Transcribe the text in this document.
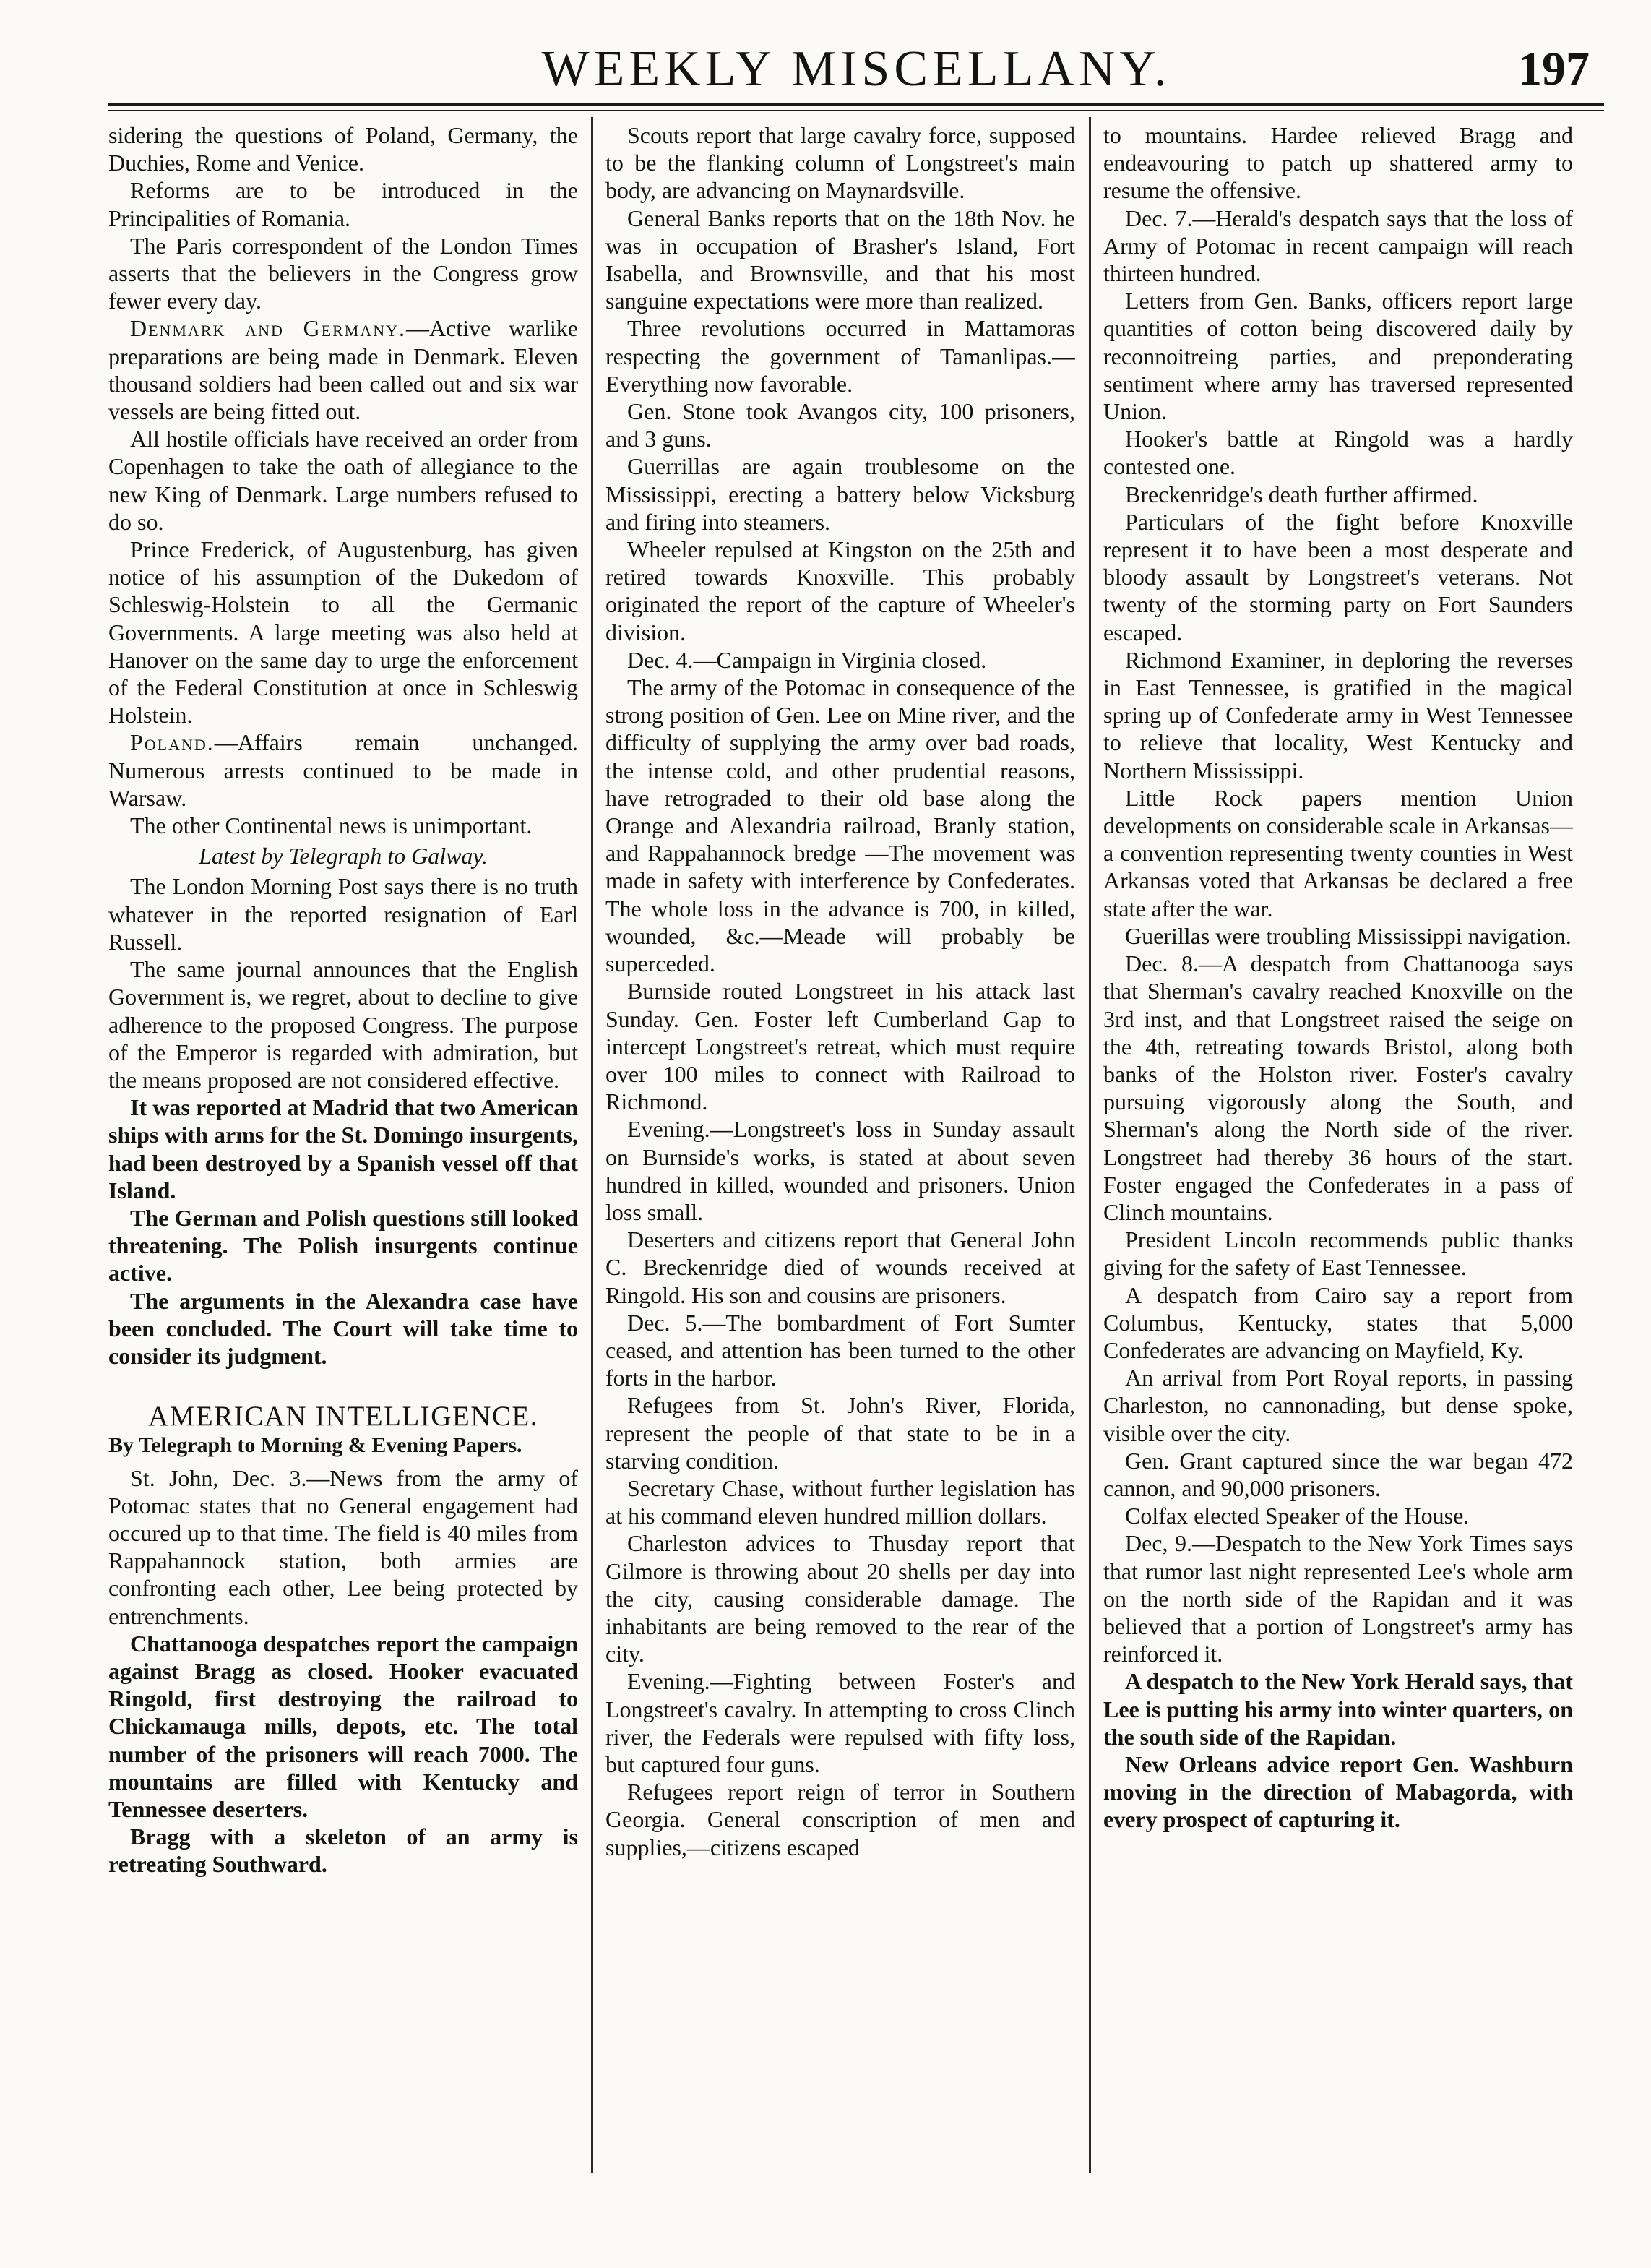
WEEKLY MISCELLANY.	197

sidering the questions of Poland, Germany, the Duchies, Rome and Venice.

Reforms are to be introduced in the Principalities of Romania.

The Paris correspondent of the London Times asserts that the believers in the Congress grow fewer every day.

Denmark and Germany.—Active warlike preparations are being made in Denmark. Eleven thousand soldiers had been called out and six war vessels are being fitted out.

All hostile officials have received an order from Copenhagen to take the oath of allegiance to the new King of Denmark. Large numbers refused to do so.

Prince Frederick, of Augustenburg, has given notice of his assumption of the Dukedom of Schleswig-Holstein to all the Germanic Governments. A large meeting was also held at Hanover on the same day to urge the enforcement of the Federal Constitution at once in Schleswig Holstein.

Poland.—Affairs remain unchanged. Numerous arrests continued to be made in Warsaw.

The other Continental news is unimportant.

Latest by Telegraph to Galway.

The London Morning Post says there is no truth whatever in the reported resignation of Earl Russell.

The same journal announces that the English Government is, we regret, about to decline to give adherence to the proposed Congress. The purpose of the Emperor is regarded with admiration, but the means proposed are not considered effective.

It was reported at Madrid that two American ships with arms for the St. Domingo insurgents, had been destroyed by a Spanish vessel off that Island.

The German and Polish questions still looked threatening. The Polish insurgents continue active.

The arguments in the Alexandra case have been concluded. The Court will take time to consider its judgment.

AMERICAN INTELLIGENCE.

By Telegraph to Morning & Evening Papers.

St. John, Dec. 3.—News from the army of Potomac states that no General engagement had occured up to that time. The field is 40 miles from Rappahannock station, both armies are confronting each other, Lee being protected by entrenchments.

Chattanooga despatches report the campaign against Bragg as closed. Hooker evacuated Ringold, first destroying the railroad to Chickamauga mills, depots, etc. The total number of the prisoners will reach 7000. The mountains are filled with Kentucky and Tennessee deserters.

Bragg with a skeleton of an army is retreating Southward.

Scouts report that large cavalry force, supposed to be the flanking column of Longstreet's main body, are advancing on Maynardsville.

General Banks reports that on the 18th Nov. he was in occupation of Brasher's Island, Fort Isabella, and Brownsville, and that his most sanguine expectations were more than realized.

Three revolutions occurred in Mattamoras respecting the government of Tamanlipas.—Everything now favorable.

Gen. Stone took Avangos city, 100 prisoners, and 3 guns.

Guerrillas are again troublesome on the Mississippi, erecting a battery below Vicksburg and firing into steamers.

Wheeler repulsed at Kingston on the 25th and retired towards Knoxville. This probably originated the report of the capture of Wheeler's division.

Dec. 4.—Campaign in Virginia closed.

The army of the Potomac in consequence of the strong position of Gen. Lee on Mine river, and the difficulty of supplying the army over bad roads, the intense cold, and other prudential reasons, have retrograded to their old base along the Orange and Alexandria railroad, Branly station, and Rappahannock bredge —The movement was made in safety with interference by Confederates. The whole loss in the advance is 700, in killed, wounded, &c.—Meade will probably be superceded.

Burnside routed Longstreet in his attack last Sunday. Gen. Foster left Cumberland Gap to intercept Longstreet's retreat, which must require over 100 miles to connect with Railroad to Richmond.

Evening.—Longstreet's loss in Sunday assault on Burnside's works, is stated at about seven hundred in killed, wounded and prisoners. Union loss small.

Deserters and citizens report that General John C. Breckenridge died of wounds received at Ringold. His son and cousins are prisoners.

Dec. 5.—The bombardment of Fort Sumter ceased, and attention has been turned to the other forts in the harbor.

Refugees from St. John's River, Florida, represent the people of that state to be in a starving condition.

Secretary Chase, without further legislation has at his command eleven hundred million dollars.

Charleston advices to Thusday report that Gilmore is throwing about 20 shells per day into the city, causing considerable damage. The inhabitants are being removed to the rear of the city.

Evening.—Fighting between Foster's and Longstreet's cavalry. In attempting to cross Clinch river, the Federals were repulsed with fifty loss, but captured four guns.

Refugees report reign of terror in Southern Georgia. General conscription of men and supplies,—citizens escaped

to mountains. Hardee relieved Bragg and endeavouring to patch up shattered army to resume the offensive.

Dec. 7.—Herald's despatch says that the loss of Army of Potomac in recent campaign will reach thirteen hundred.

Letters from Gen. Banks, officers report large quantities of cotton being discovered daily by reconnoitreing parties, and preponderating sentiment where army has traversed represented Union.

Hooker's battle at Ringold was a hardly contested one.

Breckenridge's death further affirmed.

Particulars of the fight before Knoxville represent it to have been a most desperate and bloody assault by Longstreet's veterans. Not twenty of the storming party on Fort Saunders escaped.

Richmond Examiner, in deploring the reverses in East Tennessee, is gratified in the magical spring up of Confederate army in West Tennessee to relieve that locality, West Kentucky and Northern Mississippi.

Little Rock papers mention Union developments on considerable scale in Arkansas—a convention representing twenty counties in West Arkansas voted that Arkansas be declared a free state after the war.

Guerillas were troubling Mississippi navigation.

Dec. 8.—A despatch from Chattanooga says that Sherman's cavalry reached Knoxville on the 3rd inst, and that Longstreet raised the seige on the 4th, retreating towards Bristol, along both banks of the Holston river. Foster's cavalry pursuing vigorously along the South, and Sherman's along the North side of the river. Longstreet had thereby 36 hours of the start. Foster engaged the Confederates in a pass of Clinch mountains.

President Lincoln recommends public thanks giving for the safety of East Tennessee.

A despatch from Cairo say a report from Columbus, Kentucky, states that 5,000 Confederates are advancing on Mayfield, Ky.

An arrival from Port Royal reports, in passing Charleston, no cannonading, but dense spoke, visible over the city.

Gen. Grant captured since the war began 472 cannon, and 90,000 prisoners.

Colfax elected Speaker of the House.

Dec, 9.—Despatch to the New York Times says that rumor last night represented Lee's whole arm on the north side of the Rapidan and it was believed that a portion of Longstreet's army has reinforced it.

A despatch to the New York Herald says, that Lee is putting his army into winter quarters, on the south side of the Rapidan.

New Orleans advice report Gen. Washburn moving in the direction of Mabagorda, with every prospect of capturing it.
